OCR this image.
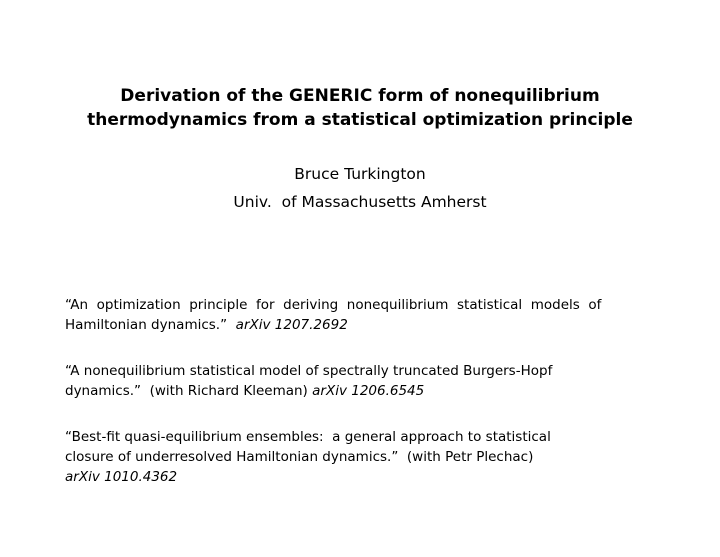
Derivation of the GENERIC form of nonequilibrium
thermodynamics from a statistical optimization principle
Bruce Turkington
Univ.  of Massachusetts Amherst
“An  optimization  principle  for  deriving  nonequilibrium  statistical  models  of
Hamiltonian dynamics.”  arXiv 1207.2692
“A nonequilibrium statistical model of spectrally truncated Burgers-Hopf
dynamics.”  (with Richard Kleeman) arXiv 1206.6545
“Best-fit quasi-equilibrium ensembles:  a general approach to statistical
closure of underresolved Hamiltonian dynamics.”  (with Petr Plechac)
arXiv 1010.4362
